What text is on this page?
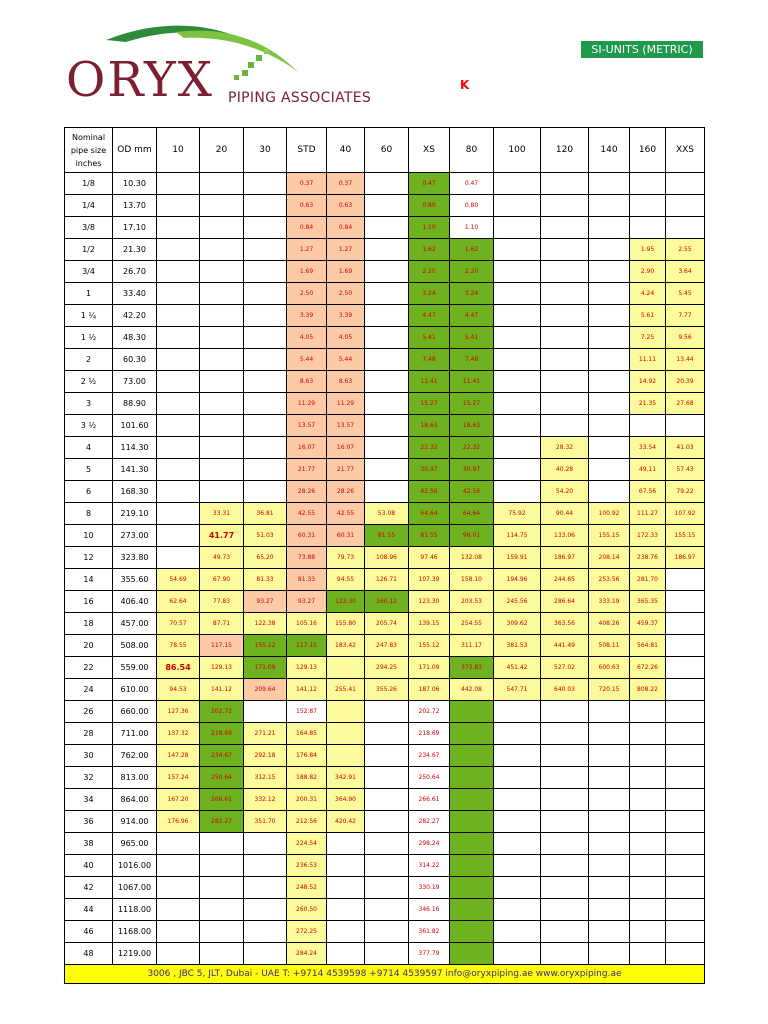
ORYX PIPING ASSOCIATES
SI-UNITS (METRIC)
K
Nominal pipe size inches	OD mm	10	20	30	STD	40	60	XS	80	100	120	140	160	XXS
1/8	10.30				0.37	0.37		0.47	0.47					
1/4	13.70				0.63	0.63		0.80	0.80					
3/8	17.10				0.84	0.84		1.10	1.10					
1/2	21.30				1.27	1.27		1.62	1.62				1.95	2.55
3/4	26.70				1.69	1.69		2.20	2.20				2.90	3.64
1	33.40				2.50	2.50		3.24	3.24				4.24	5.45
1 ¼	42.20				3.39	3.39		4.47	4.47				5.61	7.77
1 ½	48.30				4.05	4.05		5.41	5.41				7.25	9.56
2	60.30				5.44	5.44		7.48	7.48				11.11	13.44
2 ½	73.00				8.63	8.63		11.41	11.41				14.92	20.39
3	88.90				11.29	11.29		15.27	15.27				21.35	27.68
3 ½	101.60				13.57	13.57		18.63	18.63					
4	114.30				16.07	16.07		22.32	22.32		28.32		33.54	41.03
5	141.30				21.77	21.77		30.97	30.97		40.28		49.11	57.43
6	168.30				28.26	28.26		42.56	42.56		54.20		67.56	79.22
8	219.10		33.31	36.81	42.55	42.55	53.08	64.64	64.64	75.92	90.44	100.92	111.27	107.92
10	273.00		41.77	51.03	60.31	60.31	81.55	81.55	96.01	114.75	133.06	155.15	172.33	155.15
12	323.80		49.73	65.20	73.88	79.73	108.96	97.46	132.08	159.91	186.97	208.14	238.76	186.97
14	355.60	54.69	67.90	81.33	81.33	94.55	126.71	107.39	158.10	194.96	244.65	253.56	281.70	
16	406.40	62.64	77.83	93.27	93.27	123.30	160.12	123.30	203.53	245.56	286.64	333.19	365.35	
18	457.00	70.57	87.71	122.38	105.16	155.80	205.74	139.15	254.55	309.62	363.56	408.26	459.37	
20	508.00	78.55	117.15	155.12	117.15	183.42	247.83	155.12	311.17	381.53	441.49	508.11	564.81	
22	559.00	86.54	129.13	171.09	129.13		294.25	171.09	373.83	451.42	527.02	600.63	672.26	
24	610.00	94.53	141.12	209.64	141.12	255.41	355.26	187.06	442.08	547.71	640.03	720.15	808.22	
26	660.00	127.36	202.72		152.87			202.72						
28	711.00	137.32	218.69	271.21	164.85			218.69						
30	762.00	147.28	234.67	292.18	176.84			234.67						
32	813.00	157.24	250.64	312.15	188.82	342.91		250.64						
34	864.00	167.20	266.61	332.12	200.31	364.90		266.61						
36	914.00	176.96	282.27	351.70	212.56	420.42		282.27						
38	965.00				224.54			298.24						
40	1016.00				236.53			314.22						
42	1067.00				248.52			330.19						
44	1118.00				260.50			346.16						
46	1168.00				272.25			361.82						
48	1219.00				284.24			377.79						
3006 , JBC 5, JLT, Dubai - UAE T: +9714 4539598 +9714 4539597 info@oryxpiping.ae www.oryxpiping.ae														
